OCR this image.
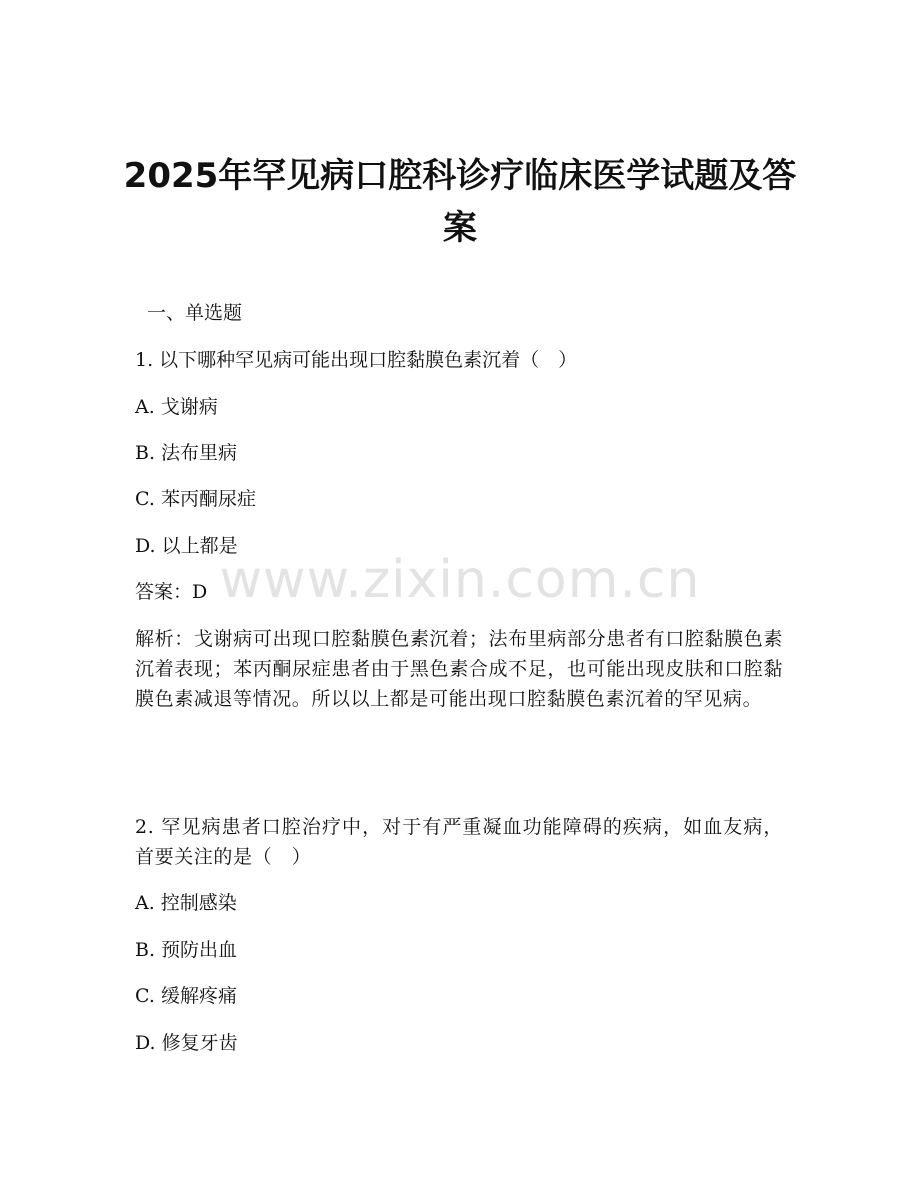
www.zixin.com.cn
2025年罕见病口腔科诊疗临床医学试题及答案
一、单选题
1. 以下哪种罕见病可能出现口腔黏膜色素沉着（　）
A. 戈谢病
B. 法布里病
C. 苯丙酮尿症
D. 以上都是
答案：D
解析：戈谢病可出现口腔黏膜色素沉着；法布里病部分患者有口腔黏膜色素沉着表现；苯丙酮尿症患者由于黑色素合成不足，也可能出现皮肤和口腔黏膜色素减退等情况。所以以上都是可能出现口腔黏膜色素沉着的罕见病。
2. 罕见病患者口腔治疗中，对于有严重凝血功能障碍的疾病，如血友病，首要关注的是（　）
A. 控制感染
B. 预防出血
C. 缓解疼痛
D. 修复牙齿
